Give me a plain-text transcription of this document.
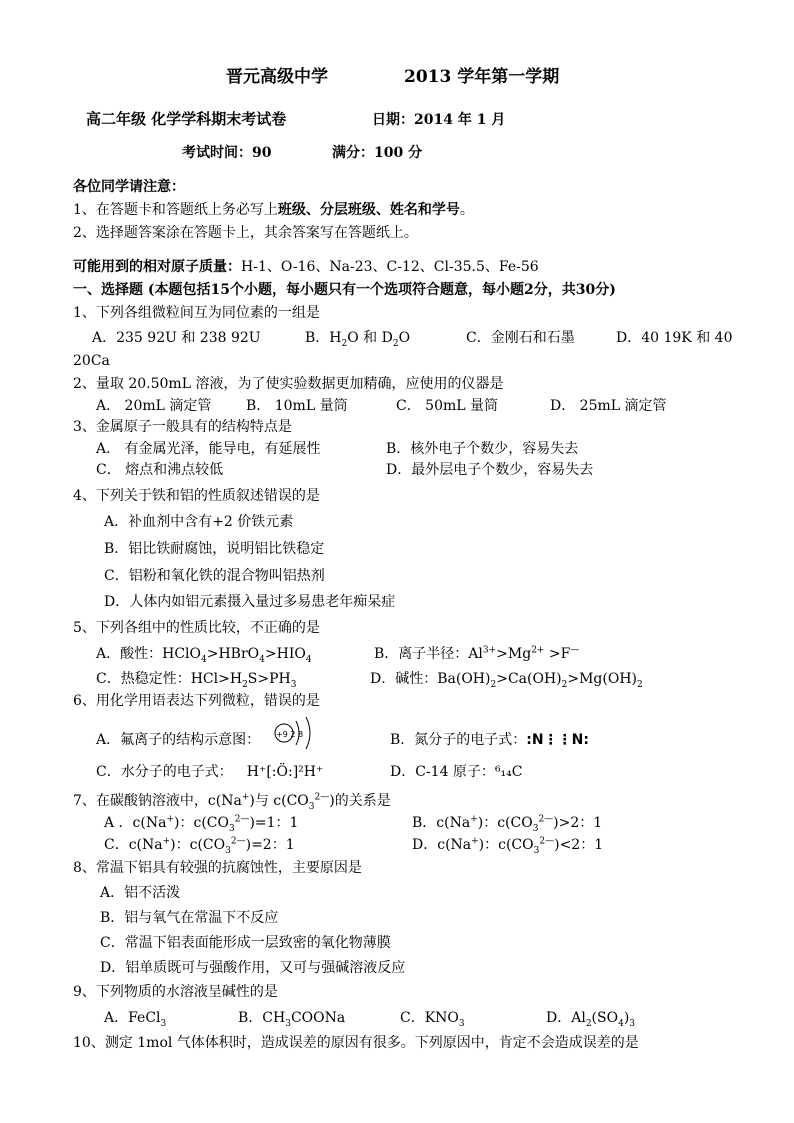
晋元高级中学	2013 学年第一学期
高二年级 化学学科期末考试卷	日期：2014 年 1 月
考试时间：90	满分：100 分
各位同学请注意：
1、在答题卡和答题纸上务必写上班级、分层班级、姓名和学号。
2、选择题答案涂在答题卡上，其余答案写在答题纸上。
可能用到的相对原子质量：H-1、O-16、Na-23、C-12、Cl-35.5、Fe-56
一、选择题 (本题包括15个小题，每小题只有一个选项符合题意，每小题2分，共30分)
1、下列各组微粒间互为同位素的一组是
A．235 92U 和 238 92U	B．$H_2O$ 和 $D_2O$	C．金刚石和石墨	D．40 19K 和 40
20Ca
2、量取 20.50mL 溶液，为了使实验数据更加精确，应使用的仪器是
A． 20mL 滴定管 B． 10mL 量筒	C． 50mL 量筒	D． 25mL 滴定管
3、金属原子一般具有的结构特点是
A． 有金属光泽，能导电，有延展性	B．核外电子个数少，容易失去
C． 熔点和沸点较低	D．最外层电子个数少，容易失去
4、下列关于铁和铝的性质叙述错误的是
A．补血剂中含有+2 价铁元素
B．铝比铁耐腐蚀，说明铝比铁稳定
C．铝粉和氧化铁的混合物叫铝热剂
D．人体内如铝元素摄入量过多易患老年痴呆症
5、下列各组中的性质比较，不正确的是
A．酸性：$HClO_4>HBrO_4>HIO_4$	B．离子半径：$Al^{3+}>Mg^{2+} >F^—$
C．热稳定性：$HCl>H_2S>PH_3$	D．碱性：$Ba(OH)_2>Ca(OH)_2>Mg(OH)_2$
6、用化学用语表达下列微粒，错误的是
A．氟离子的结构示意图： +9 2 8	B．氮分子的电子式：:N⋮⋮N:
C．水分子的电子式： H⁺[:Ö:]²H⁺	D．C-14 原子：⁶₁₄C
7、在碳酸钠溶液中，c(Na+)与 $c(CO_3^{2—})$的关系是
A ．c(Na+)：$c(CO_3^{2—})=1$：1	B．c(Na+)：$c(CO_3^{2—})>2$：1
C．c(Na+)：$c(CO_3^{2—})=2$：1	D．c(Na+)：$c(CO_3^{2—})<2$：1
8、常温下铝具有较强的抗腐蚀性，主要原因是
A．铝不活泼
B．铝与氧气在常温下不反应
C．常温下铝表面能形成一层致密的氧化物薄膜
D．铝单质既可与强酸作用，又可与强碱溶液反应
9、下列物质的水溶液呈碱性的是
A．FeCl$_3$	B．$CH_3COONa$	C．$KNO_3$	D．$Al_2(SO_4)_3$
10、测定 1mol 气体体积时，造成误差的原因有很多。下列原因中，肯定不会造成误差的是
